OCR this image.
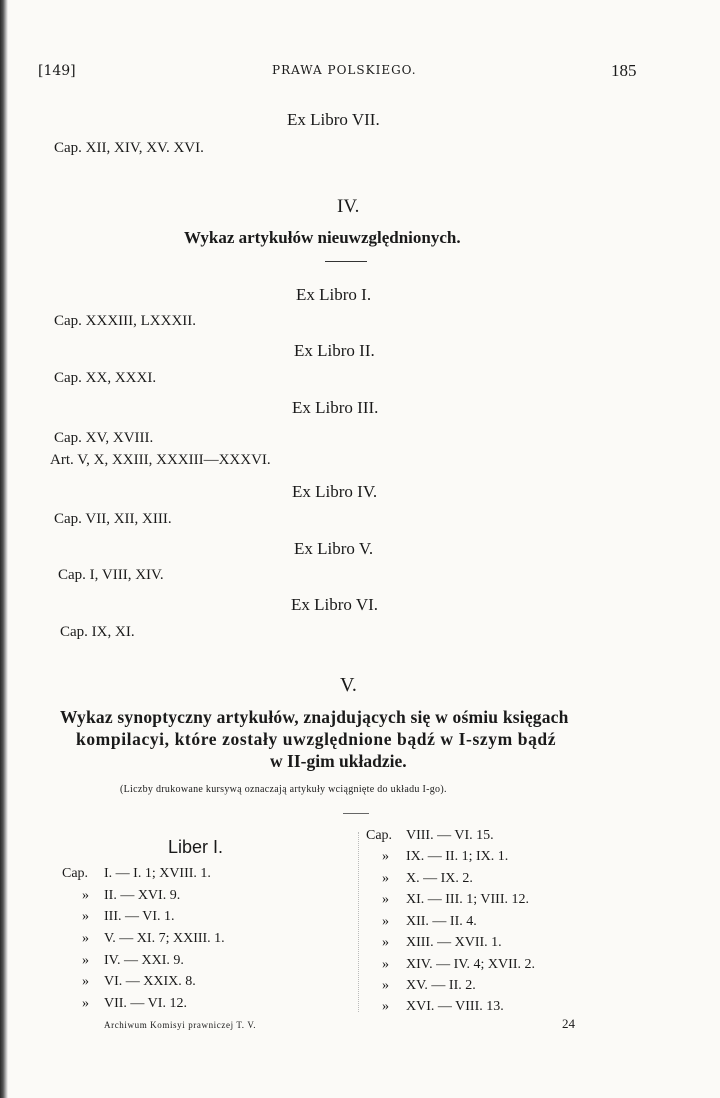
[149]	PRAWA POLSKIEGO.	185
Ex Libro VII.
Cap. XII, XIV, XV. XVI.
IV.
Wykaz artykułów nieuwzględnionych.
Ex Libro I.
Cap. XXXIII, LXXXII.
Ex Libro II.
Cap. XX, XXXI.
Ex Libro III.
Cap. XV, XVIII.
Art. V, X, XXIII, XXXIII—XXXVI.
Ex Libro IV.
Cap. VII, XII, XIII.
Ex Libro V.
Cap. I, VIII, XIV.
Ex Libro VI.
Cap. IX, XI.
V.
Wykaz synoptyczny artykułów, znajdujących się w ośmiu księgach
kompilacyi, które zostały uwzględnione bądź w I-szym bądź
w II-gim układzie.
(Liczby drukowane kursywą oznaczają artykuły wciągnięte do układu I-go).
Liber I.
Cap. I. — I. 1; XVIII. 1.
» II. — XVI. 9.
» III. — VI. 1.
» V. — XI. 7; XXIII. 1.
» IV. — XXI. 9.
» VI. — XXIX. 8.
» VII. — VI. 12.
Cap. VIII. — VI. 15.
» IX. — II. 1; IX. 1.
» X. — IX. 2.
» XI. — III. 1; VIII. 12.
» XII. — II. 4.
» XIII. — XVII. 1.
» XIV. — IV. 4; XVII. 2.
» XV. — II. 2.
» XVI. — VIII. 13.
Archiwum Komisyi prawniczej T. V.	24
